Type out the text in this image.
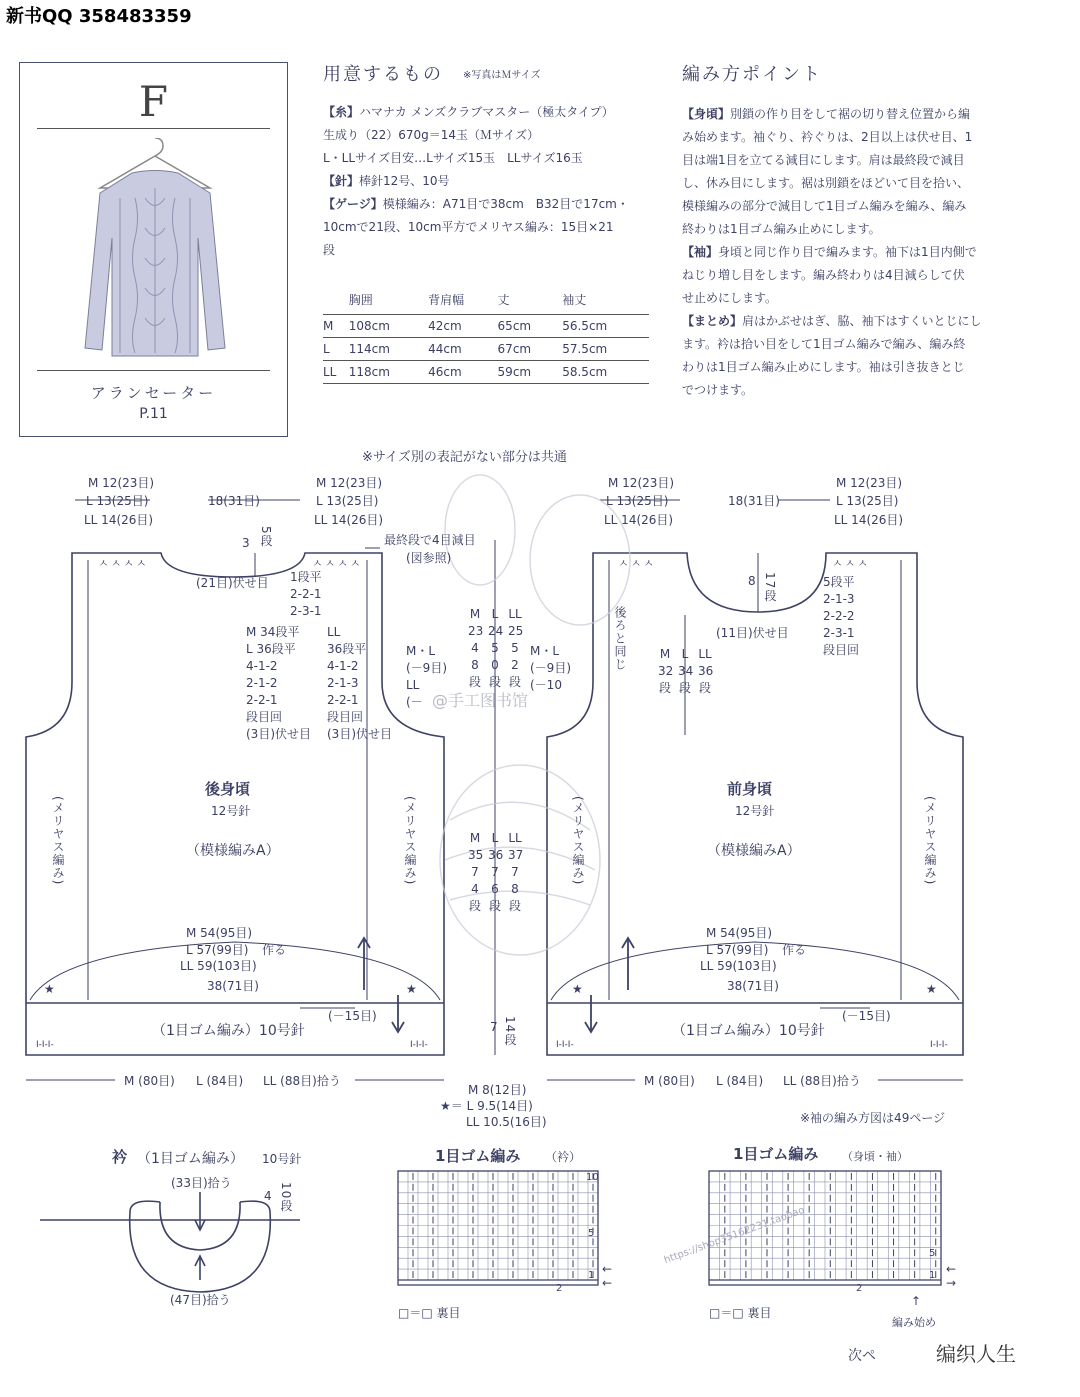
新书QQ 358483359
F
アランセーター
P.11
用意するもの ※写真はＭサイズ
【糸】ハマナカ メンズクラブマスター（極太タイプ）
生成り（22）670g＝14玉（Ｍサイズ）
L・LLサイズ目安…Lサイズ15玉　LLサイズ16玉
【針】棒針12号、10号
【ゲージ】模様編み：A71目で38cm　B32目で17cm・
10cmで21段、10cm平方でメリヤス編み：15目×21
段
	胸囲	背肩幅	丈	袖丈
M	108cm	42cm	65cm	56.5cm
L	114cm	44cm	67cm	57.5cm
LL	118cm	46cm	59cm	58.5cm
編み方ポイント
【身頃】別鎖の作り目をして裾の切り替え位置から編
み始めます。袖ぐり、衿ぐりは、2目以上は伏せ目、1
目は端1目を立てる減目にします。肩は最終段で減目
し、休み目にします。裾は別鎖をほどいて目を拾い、
模様編みの部分で減目して1目ゴム編みを編み、編み
終わりは1目ゴム編み止めにします。
【袖】身頃と同じ作り目で編みます。袖下は1目内側で
ねじり増し目をします。編み終わりは4目減らして伏
せ止めにします。
【まとめ】肩はかぶせはぎ、脇、袖下はすくいとじにし
ます。衿は拾い目をして1目ゴム編みで編み、編み終
わりは1目ゴム編み止めにします。袖は引き抜きとじ
でつけます。
※サイズ別の表記がない部分は共通
M 12(23目)
L 13(25目)
LL 14(26目)
18(31目)
M 12(23目)
L 13(25目)
LL 14(26目)
3 5段	最終段で4目減目
(図参照)
(21目)伏せ目 1段平
2-2-1
2-3-1
M 34段平
L 36段平
4-1-2
2-1-2
2-2-1
段目回
(3目)伏せ目
LL
36段平
4-1-2
2-1-3
2-2-1
段目回
(3目)伏せ目
ㅅㅅㅅㅅ	ㅅㅅㅅㅅ
後身頃
12号針
（模様編みA）
(メリヤス編み)	(メリヤス編み)
M 54(95目)
L 57(99目) 作る
LL 59(103目)
38(71目)
★	★
(－15目)
（1目ゴム編み）10号針
I-I-I-	I-I-I-
M (80目) L (84目) LL (88目)拾う
M
23
4
8
段
L
24
5
0
段
LL
25
5
2
段
M・L
(－9目)
LL
(－
M・L
(－9目)
(－10
M
35
7
4
段
L
36
7
6
段
LL
37
7
8
段
7 14段
M 8(12目)
★＝ L 9.5(14目)
LL 10.5(16目)
@手工图书馆
M 12(23目)
L 13(25目)
LL 14(26目)
18(31目)
M 12(23目)
L 13(25目)
LL 14(26目)
ㅅㅅㅅ	ㅅㅅㅅ
8 17段	5段平
2-1-3
2-2-2
2-3-1
段目回
(11目)伏せ目
後ろと同じ	M
32
段
L
34
段
LL
36
段
前身頃
12号針
（模様編みA）
(メリヤス編み)	(メリヤス編み)
M 54(95目)
L 57(99目) 作る
LL 59(103目)
38(71目)
★	★
(－15目)
（1目ゴム編み）10号針
I-I-I-	I-I-I-
M (80目) L (84目) LL (88目)拾う
※袖の編み方図は49ページ
衿 （1目ゴム編み） 10号針
(33目)拾う
(47目)拾う
4 10段
1目ゴム編み （衿）
10
5
1
2
←
←
□＝□ 裏目
https://shop35162231.taobao
1目ゴム編み （身頃・袖）
5
1
2
←
→
↑
編み始め
□＝□ 裏目
次ペ	编织人生
